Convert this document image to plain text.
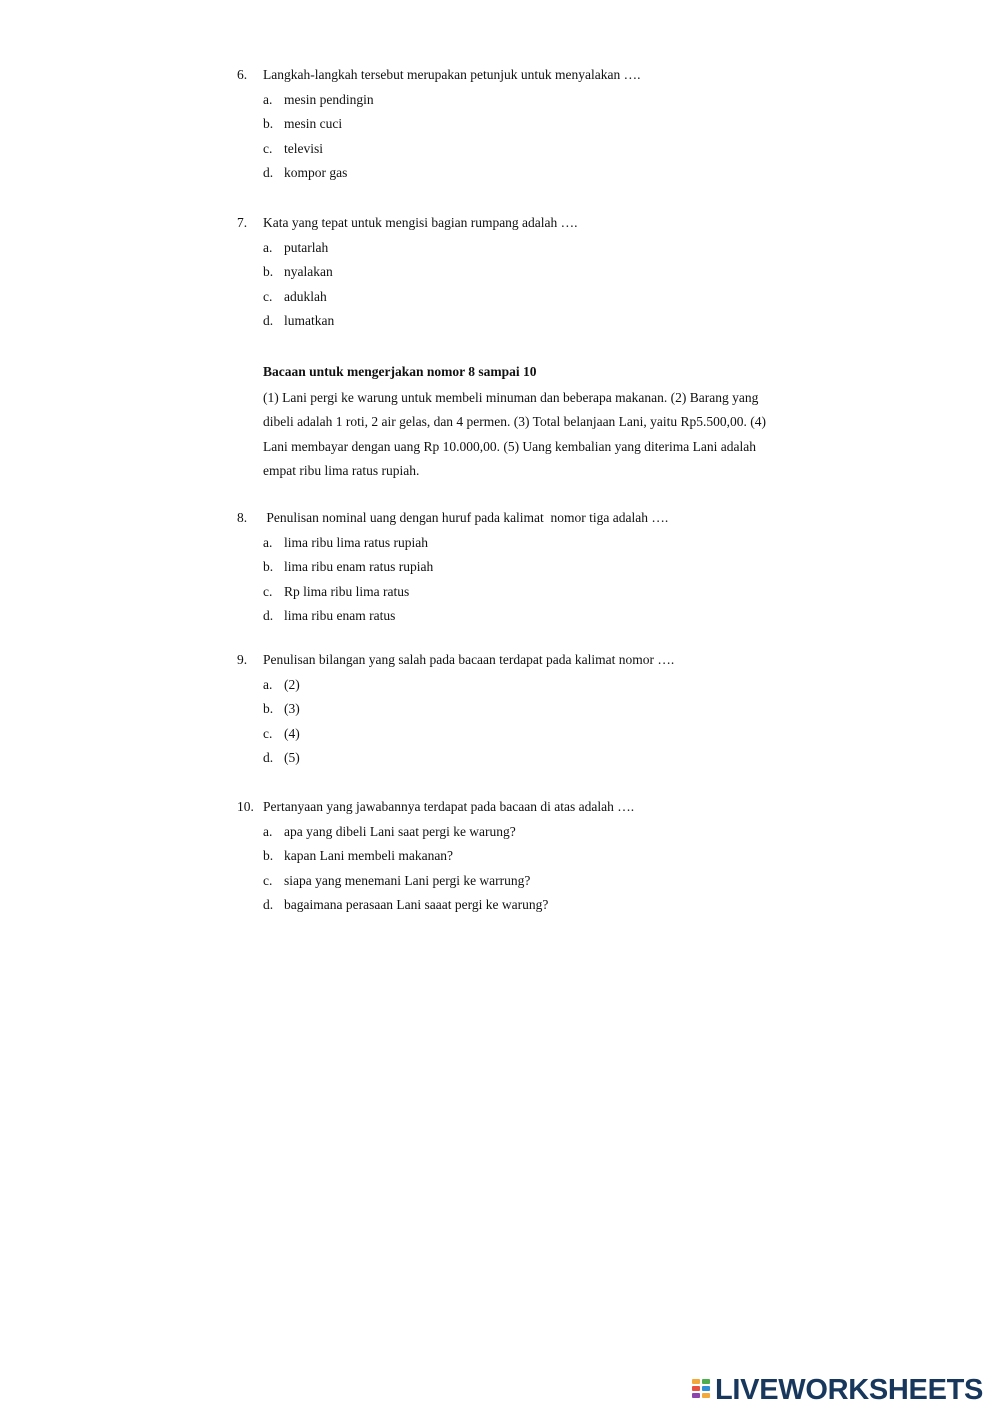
6. Langkah-langkah tersebut merupakan petunjuk untuk menyalakan ….
a. mesin pendingin
b. mesin cuci
c. televisi
d. kompor gas
7. Kata yang tepat untuk mengisi bagian rumpang adalah ….
a. putarlah
b. nyalakan
c. aduklah
d. lumatkan
Bacaan untuk mengerjakan nomor 8 sampai 10
(1) Lani pergi ke warung untuk membeli minuman dan beberapa makanan. (2) Barang yang
dibeli adalah 1 roti, 2 air gelas, dan 4 permen. (3) Total belanjaan Lani, yaitu Rp5.500,00. (4)
Lani membayar dengan uang Rp 10.000,00. (5) Uang kembalian yang diterima Lani adalah
empat ribu lima ratus rupiah.
8. Penulisan nominal uang dengan huruf pada kalimat  nomor tiga adalah ….
a. lima ribu lima ratus rupiah
b. lima ribu enam ratus rupiah
c. Rp lima ribu lima ratus
d. lima ribu enam ratus
9. Penulisan bilangan yang salah pada bacaan terdapat pada kalimat nomor ….
a. (2)
b. (3)
c. (4)
d. (5)
10. Pertanyaan yang jawabannya terdapat pada bacaan di atas adalah ….
a. apa yang dibeli Lani saat pergi ke warung?
b. kapan Lani membeli makanan?
c. siapa yang menemani Lani pergi ke warrung?
d. bagaimana perasaan Lani saaat pergi ke warung?
LIVEWORKSHEETS
